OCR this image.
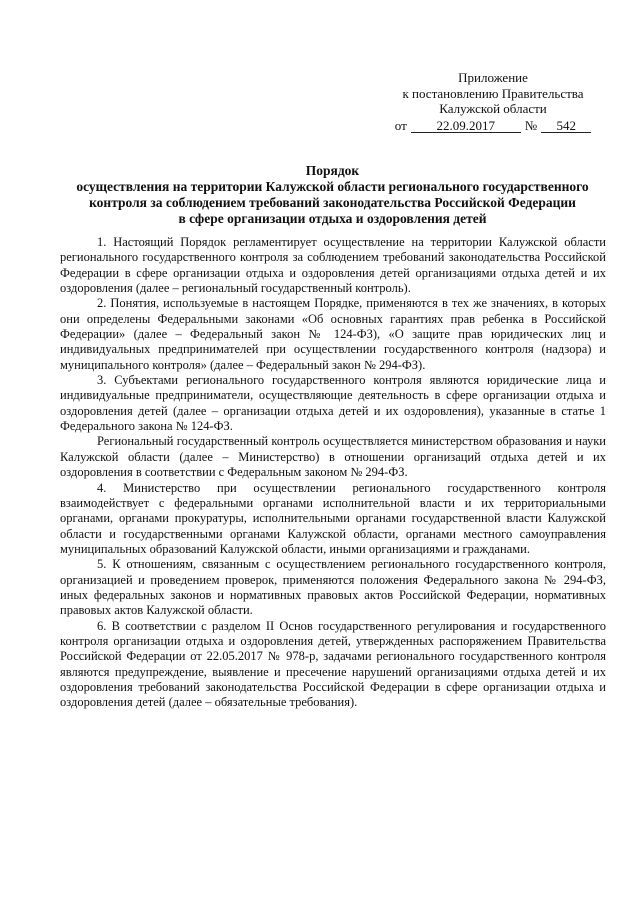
Приложение
к постановлению Правительства
Калужской области
от	22.09.2017	№	542
Порядок
осуществления на территории Калужской области регионального государственного
контроля за соблюдением требований законодательства Российской Федерации
в сфере организации отдыха и оздоровления детей

1. Настоящий Порядок регламентирует осуществление на территории Калужской области регионального государственного контроля за соблюдением требований законодательства Российской Федерации в сфере организации отдыха и оздоровления детей организациями отдыха детей и их оздоровления (далее – региональный государственный контроль).

2. Понятия, используемые в настоящем Порядке, применяются в тех же значениях, в которых они определены Федеральными законами «Об основных гарантиях прав ребенка в Российской Федерации» (далее – Федеральный закон № 124-ФЗ), «О защите прав юридических лиц и индивидуальных предпринимателей при осуществлении государственного контроля (надзора) и муниципального контроля» (далее – Федеральный закон № 294-ФЗ).

3. Субъектами регионального государственного контроля являются юридические лица и индивидуальные предприниматели, осуществляющие деятельность в сфере организации отдыха и оздоровления детей (далее – организации отдыха детей и их оздоровления), указанные в статье 1 Федерального закона № 124-ФЗ.

Региональный государственный контроль осуществляется министерством образования и науки Калужской области (далее – Министерство) в отношении организаций отдыха детей и их оздоровления в соответствии с Федеральным законом № 294-ФЗ.

4. Министерство при осуществлении регионального государственного контроля взаимодействует с федеральными органами исполнительной власти и их территориальными органами, органами прокуратуры, исполнительными органами государственной власти Калужской области и государственными органами Калужской области, органами местного самоуправления муниципальных образований Калужской области, иными организациями и гражданами.

5. К отношениям, связанным с осуществлением регионального государственного контроля, организацией и проведением проверок, применяются положения Федерального закона № 294-ФЗ, иных федеральных законов и нормативных правовых актов Российской Федерации, нормативных правовых актов Калужской области.

6. В соответствии с разделом II Основ государственного регулирования и государственного контроля организации отдыха и оздоровления детей, утвержденных распоряжением Правительства Российской Федерации от 22.05.2017 № 978-р, задачами регионального государственного контроля являются предупреждение, выявление и пресечение нарушений организациями отдыха детей и их оздоровления требований законодательства Российской Федерации в сфере организации отдыха и оздоровления детей (далее – обязательные требования).
